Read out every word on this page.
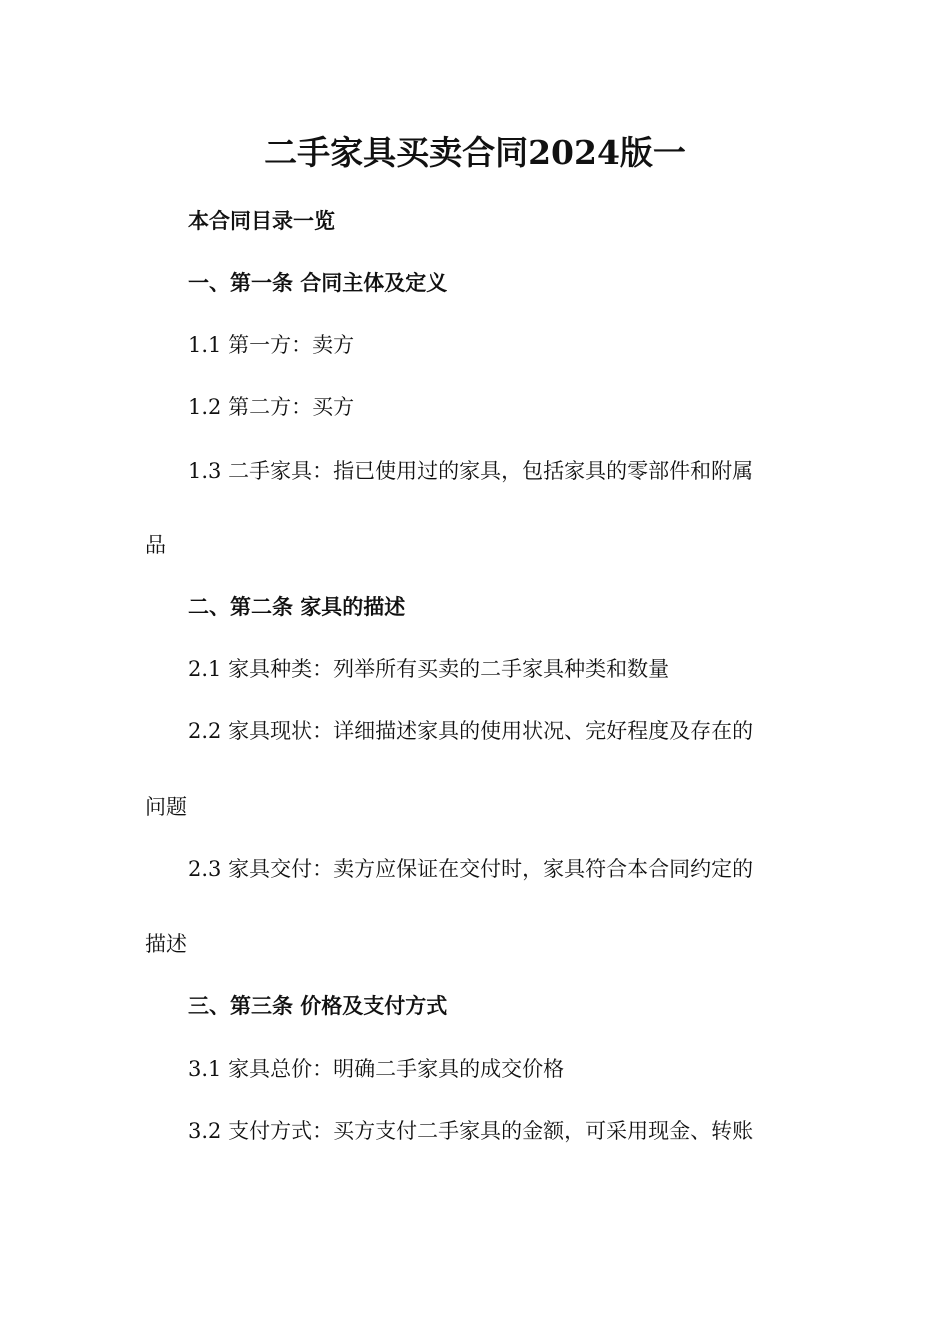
二手家具买卖合同2024版一

本合同目录一览

一、第一条 合同主体及定义

1.1 第一方：卖方

1.2 第二方：买方

1.3 二手家具：指已使用过的家具，包括家具的零部件和附属

品

二、第二条 家具的描述

2.1 家具种类：列举所有买卖的二手家具种类和数量

2.2 家具现状：详细描述家具的使用状况、完好程度及存在的

问题

2.3 家具交付：卖方应保证在交付时，家具符合本合同约定的

描述

三、第三条 价格及支付方式

3.1 家具总价：明确二手家具的成交价格

3.2 支付方式：买方支付二手家具的金额，可采用现金、转账
